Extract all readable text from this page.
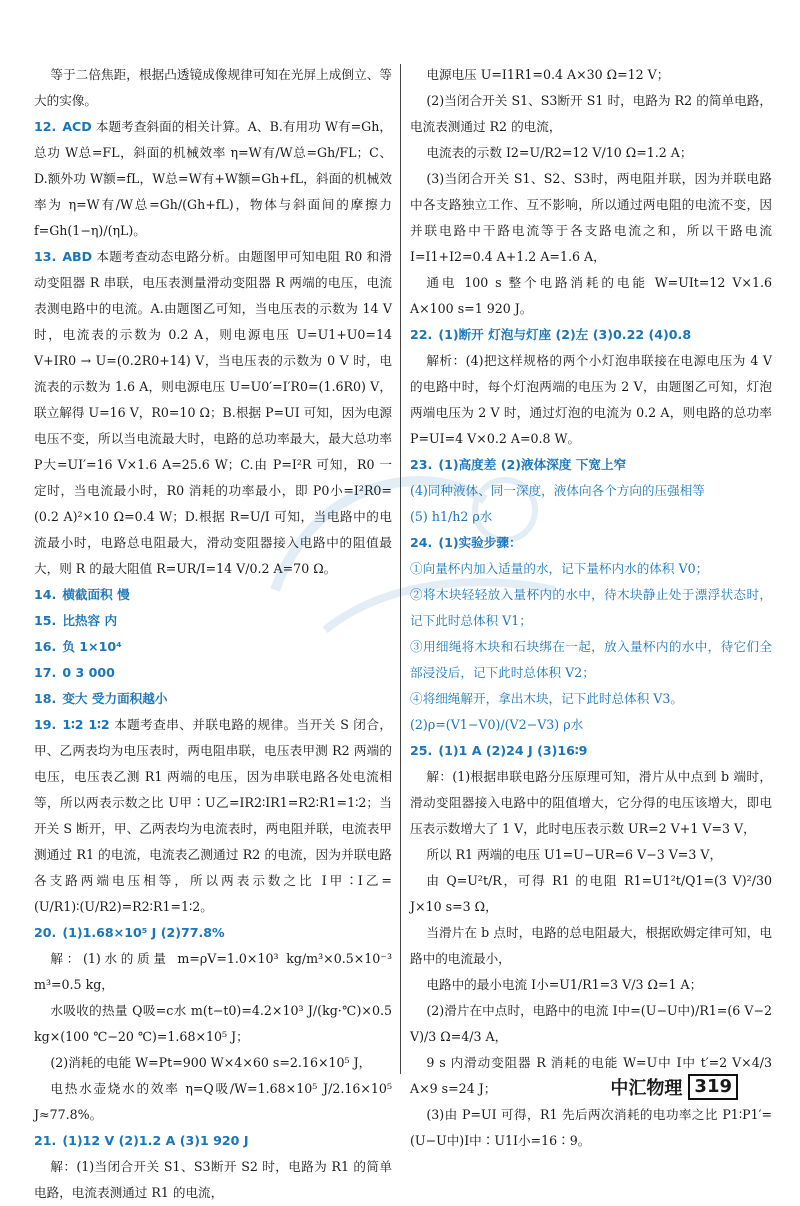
等于二倍焦距，根据凸透镜成像规律可知在光屏上成倒立、等大的实像。

12. ACD 本题考查斜面的相关计算。A、B.有用功 W有=Gh，总功 W总=FL，斜面的机械效率 η=W有/W总=Gh/FL；C、D.额外功 W额=fL，W总=W有+W额=Gh+fL，斜面的机械效率为 η=W有/W总=Gh/(Gh+fL)，物体与斜面间的摩擦力 f=Gh(1−η)/(ηL)。

13. ABD 本题考查动态电路分析。由题图甲可知电阻 R0 和滑动变阻器 R 串联，电压表测量滑动变阻器 R 两端的电压，电流表测电路中的电流。A.由题图乙可知，当电压表的示数为 14 V 时，电流表的示数为 0.2 A，则电源电压 U=U1+U0=14 V+IR0 → U=(0.2R0+14) V，当电压表的示数为 0 V 时，电流表的示数为 1.6 A，则电源电压 U=U0′=I′R0=(1.6R0) V，联立解得 U=16 V，R0=10 Ω；B.根据 P=UI 可知，因为电源电压不变，所以当电流最大时，电路的总功率最大，最大总功率 P大=UI′=16 V×1.6 A=25.6 W；C.由 P=I²R 可知，R0 一定时，当电流最小时，R0 消耗的功率最小，即 P0小=I²R0=(0.2 A)²×10 Ω=0.4 W；D.根据 R=U/I 可知，当电路中的电流最小时，电路总电阻最大，滑动变阻器接入电路中的阻值最大，则 R 的最大阻值 R=UR/I=14 V/0.2 A=70 Ω。

14. 横截面积 慢

15. 比热容 内

16. 负 1×10⁴

17. 0 3 000

18. 变大 受力面积越小

19. 1∶2 1∶2 本题考查串、并联电路的规律。当开关 S 闭合，甲、乙两表均为电压表时，两电阻串联，电压表甲测 R2 两端的电压，电压表乙测 R1 两端的电压，因为串联电路各处电流相等，所以两表示数之比 U甲∶U乙=IR2∶IR1=R2∶R1=1∶2；当开关 S 断开，甲、乙两表均为电流表时，两电阻并联，电流表甲测通过 R1 的电流，电流表乙测通过 R2 的电流，因为并联电路各支路两端电压相等，所以两表示数之比 I甲∶I乙=(U/R1)∶(U/R2)=R2∶R1=1∶2。

20. (1)1.68×10⁵ J (2)77.8%

解：(1)水的质量 m=ρV=1.0×10³ kg/m³×0.5×10⁻³ m³=0.5 kg，

水吸收的热量 Q吸=c水 m(t−t0)=4.2×10³ J/(kg·℃)×0.5 kg×(100 ℃−20 ℃)=1.68×10⁵ J；

(2)消耗的电能 W=Pt=900 W×4×60 s=2.16×10⁵ J，

电热水壶烧水的效率 η=Q吸/W=1.68×10⁵ J/2.16×10⁵ J≈77.8%。

21. (1)12 V (2)1.2 A (3)1 920 J

解：(1)当闭合开关 S1、S3断开 S2 时，电路为 R1 的简单电路，电流表测通过 R1 的电流，

电源电压 U=I1R1=0.4 A×30 Ω=12 V；

(2)当闭合开关 S1、S3断开 S1 时，电路为 R2 的简单电路，电流表测通过 R2 的电流，

电流表的示数 I2=U/R2=12 V/10 Ω=1.2 A；

(3)当闭合开关 S1、S2、S3时，两电阻并联，因为并联电路中各支路独立工作、互不影响，所以通过两电阻的电流不变，因并联电路中干路电流等于各支路电流之和，所以干路电流 I=I1+I2=0.4 A+1.2 A=1.6 A，

通电 100 s 整个电路消耗的电能 W=UIt=12 V×1.6 A×100 s=1 920 J。

22. (1)断开 灯泡与灯座 (2)左 (3)0.22 (4)0.8

解析：(4)把这样规格的两个小灯泡串联接在电源电压为 4 V 的电路中时，每个灯泡两端的电压为 2 V，由题图乙可知，灯泡两端电压为 2 V 时，通过灯泡的电流为 0.2 A，则电路的总功率 P=UI=4 V×0.2 A=0.8 W。

23. (1)高度差 (2)液体深度 下宽上窄

(4)同种液体、同一深度，液体向各个方向的压强相等

(5) h1/h2 ρ水

24. (1)实验步骤：

①向量杯内加入适量的水，记下量杯内水的体积 V0；

②将木块轻轻放入量杯内的水中，待木块静止处于漂浮状态时，记下此时总体积 V1；

③用细绳将木块和石块绑在一起，放入量杯内的水中，待它们全部浸没后，记下此时总体积 V2；

④将细绳解开，拿出木块，记下此时总体积 V3。

(2)ρ=(V1−V0)/(V2−V3) ρ水

25. (1)1 A (2)24 J (3)16∶9

解：(1)根据串联电路分压原理可知，滑片从中点到 b 端时，滑动变阻器接入电路中的阻值增大，它分得的电压该增大，即电压表示数增大了 1 V，此时电压表示数 UR=2 V+1 V=3 V，

所以 R1 两端的电压 U1=U−UR=6 V−3 V=3 V，

由 Q=U²t/R，可得 R1 的电阻 R1=U1²t/Q1=(3 V)²/30 J×10 s=3 Ω，

当滑片在 b 点时，电路的总电阻最大，根据欧姆定律可知，电路中的电流最小，

电路中的最小电流 I小=U1/R1=3 V/3 Ω=1 A；

(2)滑片在中点时，电路中的电流 I中=(U−U中)/R1=(6 V−2 V)/3 Ω=4/3 A，

9 s 内滑动变阻器 R 消耗的电能 W=U中 I中 t′=2 V×4/3 A×9 s=24 J；

(3)由 P=UI 可得，R1 先后两次消耗的电功率之比 P1∶P1′=(U−U中)I中∶U1I小=16∶9。

中汇物理 319
